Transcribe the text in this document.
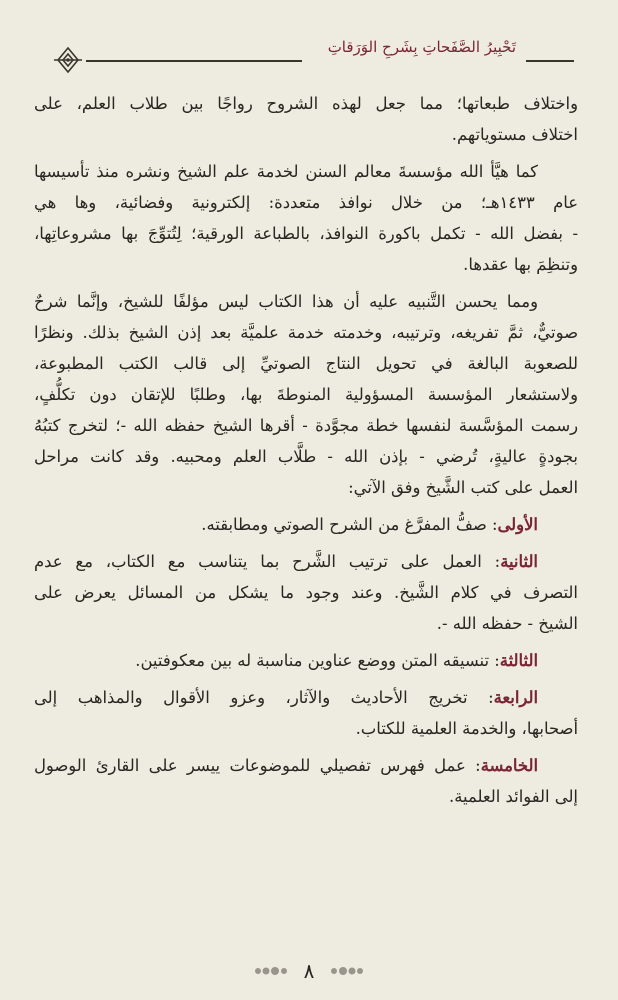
تَحْبِيرُ الصَّفَحاتِ بِشَرحِ الوَرَقاتِ

واختلاف طبعاتها؛ مما جعل لهذه الشروح رواجًا بين طلاب العلم، على
اختلاف مستوياتهم.

كما هيَّأ الله مؤسسةَ معالم السنن لخدمة علم الشيخ ونشره منذ تأسيسها
عام ١٤٣٣هـ؛ من خلال نوافذ متعددة: إلكترونية وفضائية، وها هي
- بفضل الله - تكمل باكورة النوافذ، بالطباعة الورقية؛ لِتُتوِّجَ بها مشروعاتِها،
وتنظِمَ بها عقدها.

ومما يحسن التَّنبيه عليه أن هذا الكتاب ليس مؤلفًا للشيخ، وإنَّما شرحٌ
صوتيٌّ، ثمَّ تفريغه، وترتيبه، وخدمته خدمة علميَّة بعد إذن الشيخ بذلك. ونظرًا
للصعوبة البالغة في تحويل النتاج الصوتيِّ إلى قالب الكتب المطبوعة،
ولاستشعار المؤسسة المسؤولية المنوطةَ بها، وطلبًا للإتقان دون تكلُّفٍ،
رسمت المؤسَّسة لنفسها خطة مجوَّدة - أقرها الشيخ حفظه الله -؛ لتخرج كتبُهُ
بجودةٍ عاليةٍ، تُرضي - بإذن الله - طلَّاب العلم ومحبيه. وقد كانت مراحل
العمل على كتب الشَّيخ وفق الآتي:

الأولى: صفُّ المفرَّغ من الشرح الصوتي ومطابقته.
الثانية: العمل على ترتيب الشَّرح بما يتناسب مع الكتاب، مع عدم
التصرف في كلام الشَّيخ. وعند وجود ما يشكل من المسائل يعرض على
الشيخ - حفظه الله -.
الثالثة: تنسيقه المتن ووضع عناوين مناسبة له بين معكوفتين.
الرابعة: تخريج الأحاديث والآثار، وعزو الأقوال والمذاهب إلى
أصحابها، والخدمة العلمية للكتاب.
الخامسة: عمل فهرس تفصيلي للموضوعات ييسر على القارئ الوصول
إلى الفوائد العلمية.
٨
